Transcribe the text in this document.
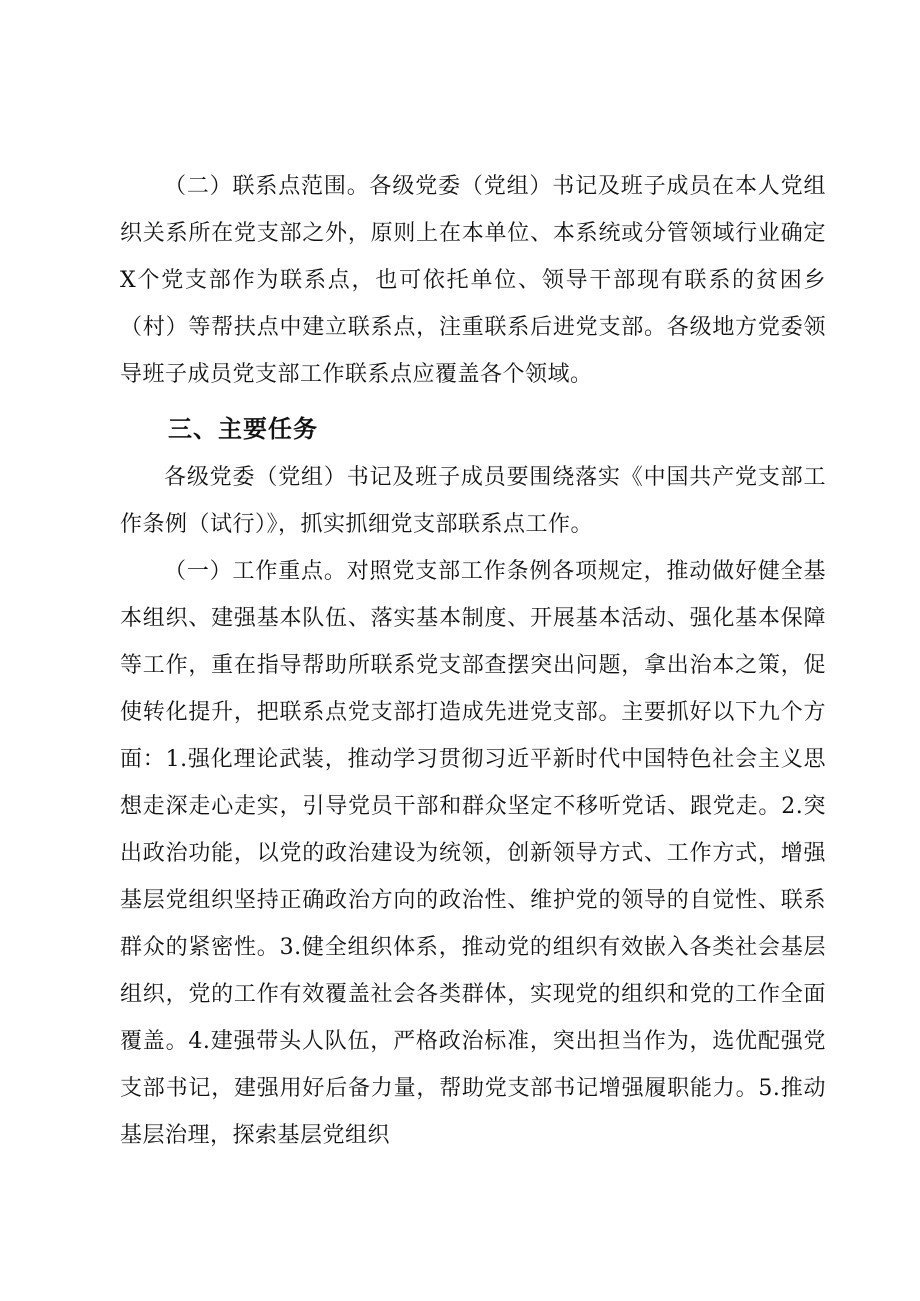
（二）联系点范围。各级党委（党组）书记及班子成员在本人党组织关系所在党支部之外，原则上在本单位、本系统或分管领域行业确定X个党支部作为联系点，也可依托单位、领导干部现有联系的贫困乡（村）等帮扶点中建立联系点，注重联系后进党支部。各级地方党委领导班子成员党支部工作联系点应覆盖各个领域。

三、主要任务

各级党委（党组）书记及班子成员要围绕落实《中国共产党支部工作条例（试行）》，抓实抓细党支部联系点工作。

（一）工作重点。对照党支部工作条例各项规定，推动做好健全基本组织、建强基本队伍、落实基本制度、开展基本活动、强化基本保障等工作，重在指导帮助所联系党支部查摆突出问题，拿出治本之策，促使转化提升，把联系点党支部打造成先进党支部。主要抓好以下九个方面：1.强化理论武装，推动学习贯彻习近平新时代中国特色社会主义思想走深走心走实，引导党员干部和群众坚定不移听党话、跟党走。2.突出政治功能，以党的政治建设为统领，创新领导方式、工作方式，增强基层党组织坚持正确政治方向的政治性、维护党的领导的自觉性、联系群众的紧密性。3.健全组织体系，推动党的组织有效嵌入各类社会基层组织，党的工作有效覆盖社会各类群体，实现党的组织和党的工作全面覆盖。4.建强带头人队伍，严格政治标准，突出担当作为，选优配强党支部书记，建强用好后备力量，帮助党支部书记增强履职能力。5.推动基层治理，探索基层党组织
